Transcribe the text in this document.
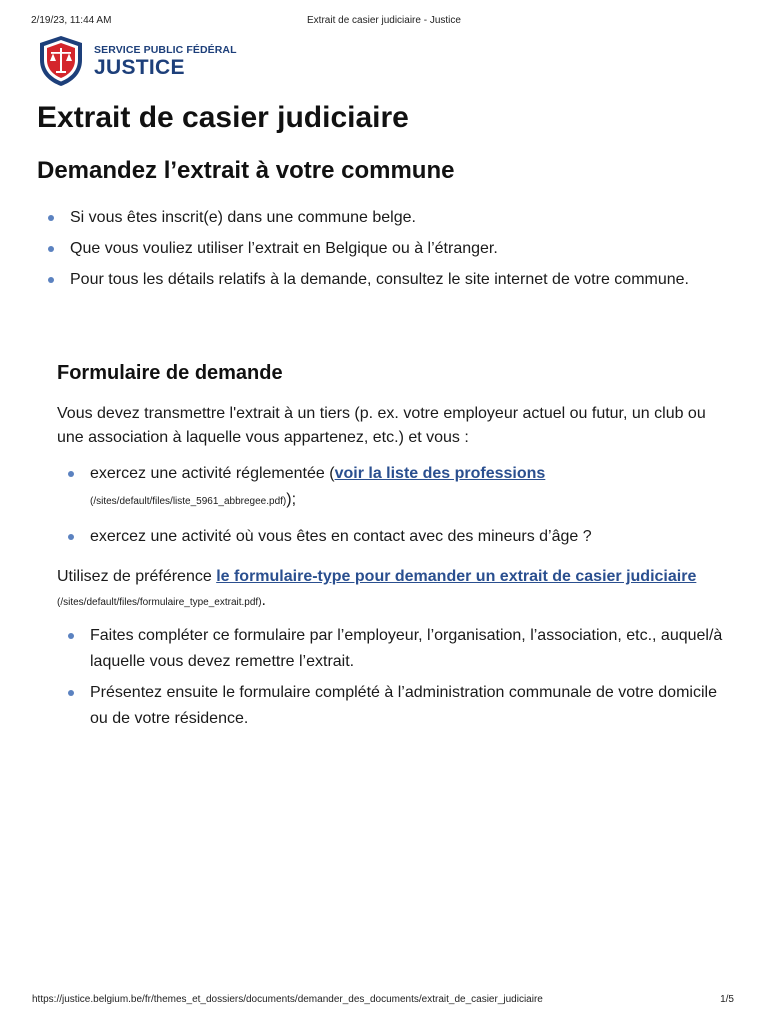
2/19/23, 11:44 AM	Extrait de casier judiciaire - Justice
SERVICE PUBLIC FÉDÉRAL
JUSTICE
Extrait de casier judiciaire
Demandez l’extrait à votre commune
Si vous êtes inscrit(e) dans une commune belge.
Que vous vouliez utiliser l’extrait en Belgique ou à l’étranger.
Pour tous les détails relatifs à la demande, consultez le site internet de votre commune.
Formulaire de demande

Vous devez transmettre l'extrait à un tiers (p. ex. votre employeur actuel ou futur, un club ou une association à laquelle vous appartenez, etc.) et vous :

exercez une activité réglementée (voir la liste des professions
(/sites/default/files/liste_5961_abbregee.pdf));
exercez une activité où vous êtes en contact avec des mineurs d’âge ?

Utilisez de préférence le formulaire-type pour demander un extrait de casier judiciaire (/sites/default/files/formulaire_type_extrait.pdf).

Faites compléter ce formulaire par l’employeur, l’organisation, l’association, etc., auquel/à laquelle vous devez remettre l’extrait.
Présentez ensuite le formulaire complété à l’administration communale de votre domicile ou de votre résidence.
https://justice.belgium.be/fr/themes_et_dossiers/documents/demander_des_documents/extrait_de_casier_judiciaire	1/5
